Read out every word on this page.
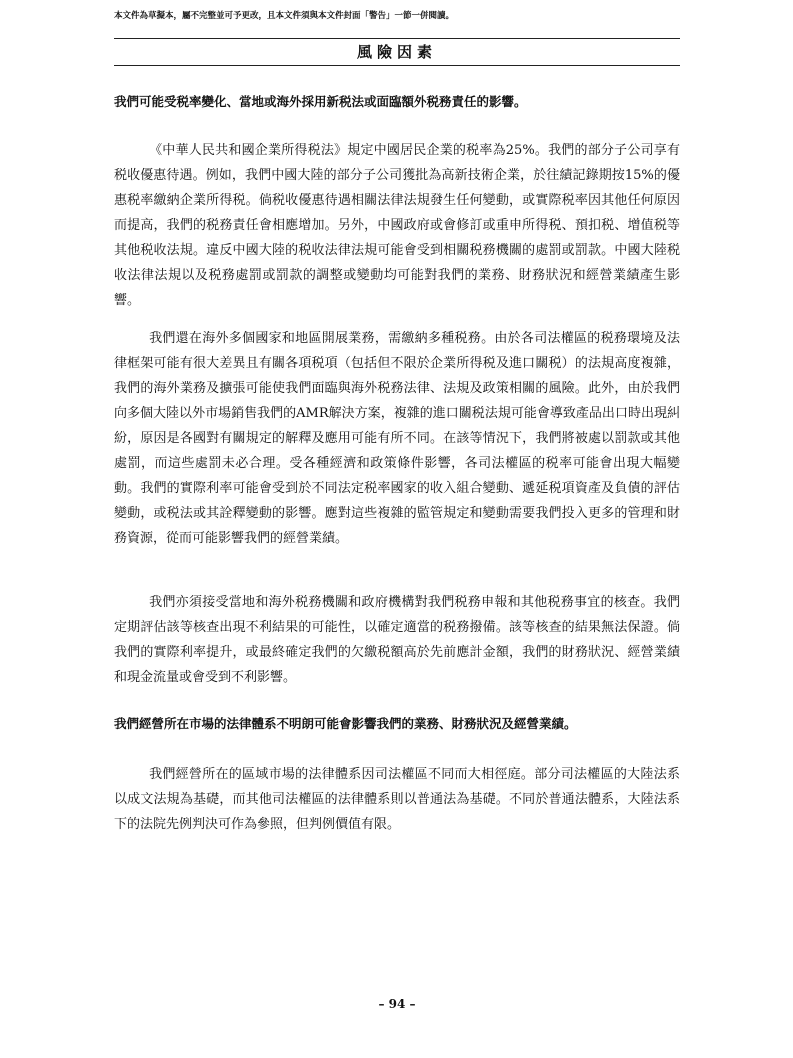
本文件為草擬本，屬不完整並可予更改，且本文件須與本文件封面「警告」一節一併閱讀。
風險因素
我們可能受税率變化、當地或海外採用新税法或面臨額外税務責任的影響。

《中華人民共和國企業所得税法》規定中國居民企業的税率為25%。我們的部分子公司享有税收優惠待遇。例如，我們中國大陸的部分子公司獲批為高新技術企業，於往績記錄期按15%的優惠税率繳納企業所得税。倘税收優惠待遇相關法律法規發生任何變動，或實際税率因其他任何原因而提高，我們的税務責任會相應增加。另外，中國政府或會修訂或重申所得税、預扣税、增值税等其他税收法規。違反中國大陸的税收法律法規可能會受到相關税務機關的處罰或罰款。中國大陸税收法律法規以及税務處罰或罰款的調整或變動均可能對我們的業務、財務狀況和經營業績產生影響。

我們還在海外多個國家和地區開展業務，需繳納多種税務。由於各司法權區的税務環境及法律框架可能有很大差異且有關各項税項（包括但不限於企業所得税及進口關税）的法規高度複雜，我們的海外業務及擴張可能使我們面臨與海外税務法律、法規及政策相關的風險。此外，由於我們向多個大陸以外市場銷售我們的AMR解決方案，複雜的進口關税法規可能會導致產品出口時出現糾紛，原因是各國對有關規定的解釋及應用可能有所不同。在該等情況下，我們將被處以罰款或其他處罰，而這些處罰未必合理。受各種經濟和政策條件影響，各司法權區的税率可能會出現大幅變動。我們的實際利率可能會受到於不同法定税率國家的收入組合變動、遞延税項資產及負債的評估變動，或税法或其詮釋變動的影響。應對這些複雜的監管規定和變動需要我們投入更多的管理和財務資源，從而可能影響我們的經營業績。

我們亦須接受當地和海外税務機關和政府機構對我們税務申報和其他税務事宜的核查。我們定期評估該等核查出現不利結果的可能性，以確定適當的税務撥備。該等核查的結果無法保證。倘我們的實際利率提升，或最終確定我們的欠繳税額高於先前應計金額，我們的財務狀況、經營業績和現金流量或會受到不利影響。

我們經營所在市場的法律體系不明朗可能會影響我們的業務、財務狀況及經營業績。

我們經營所在的區域市場的法律體系因司法權區不同而大相徑庭。部分司法權區的大陸法系以成文法規為基礎，而其他司法權區的法律體系則以普通法為基礎。不同於普通法體系，大陸法系下的法院先例判決可作為參照，但判例價值有限。

– 94 –
